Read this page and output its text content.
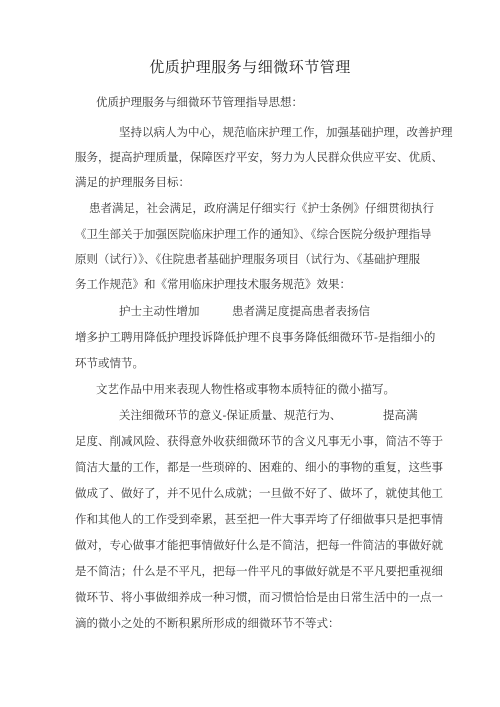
优质护理服务与细微环节管理
优质护理服务与细微环节管理指导思想：
坚持以病人为中心，规范临床护理工作，加强基础护理，改善护理
服务，提高护理质量，保障医疗平安，努力为人民群众供应平安、优质、
满足的护理服务目标：
患者满足，社会满足，政府满足仔细实行《护士条例》仔细贯彻执行
《卫生部关于加强医院临床护理工作的通知》、《综合医院分级护理指导
原则（试行）》、《住院患者基础护理服务项目（试行为、《基础护理服
务工作规范》和《常用临床护理技术服务规范》效果：
护士主动性增加	患者满足度提高患者表扬信
增多护工聘用降低护理投诉降低护理不良事务降低细微环节-是指细小的
环节或情节。
文艺作品中用来表现人物性格或事物本质特征的微小描写。
关注细微环节的意义-保证质量、规范行为、	提高满
足度、削减风险、获得意外收获细微环节的含义凡事无小事，简洁不等于
简洁大量的工作，都是一些琐碎的、困难的、细小的事物的重复，这些事
做成了、做好了，并不见什么成就；一旦做不好了、做坏了，就使其他工
作和其他人的工作受到牵累，甚至把一件大事弄垮了仔细做事只是把事情
做对，专心做事才能把事情做好什么是不简洁，把每一件简洁的事做好就
是不简洁；什么是不平凡，把每一件平凡的事做好就是不平凡要把重视细
微环节、将小事做细养成一种习惯，而习惯恰恰是由日常生活中的一点一
滴的微小之处的不断积累所形成的细微环节不等式：
